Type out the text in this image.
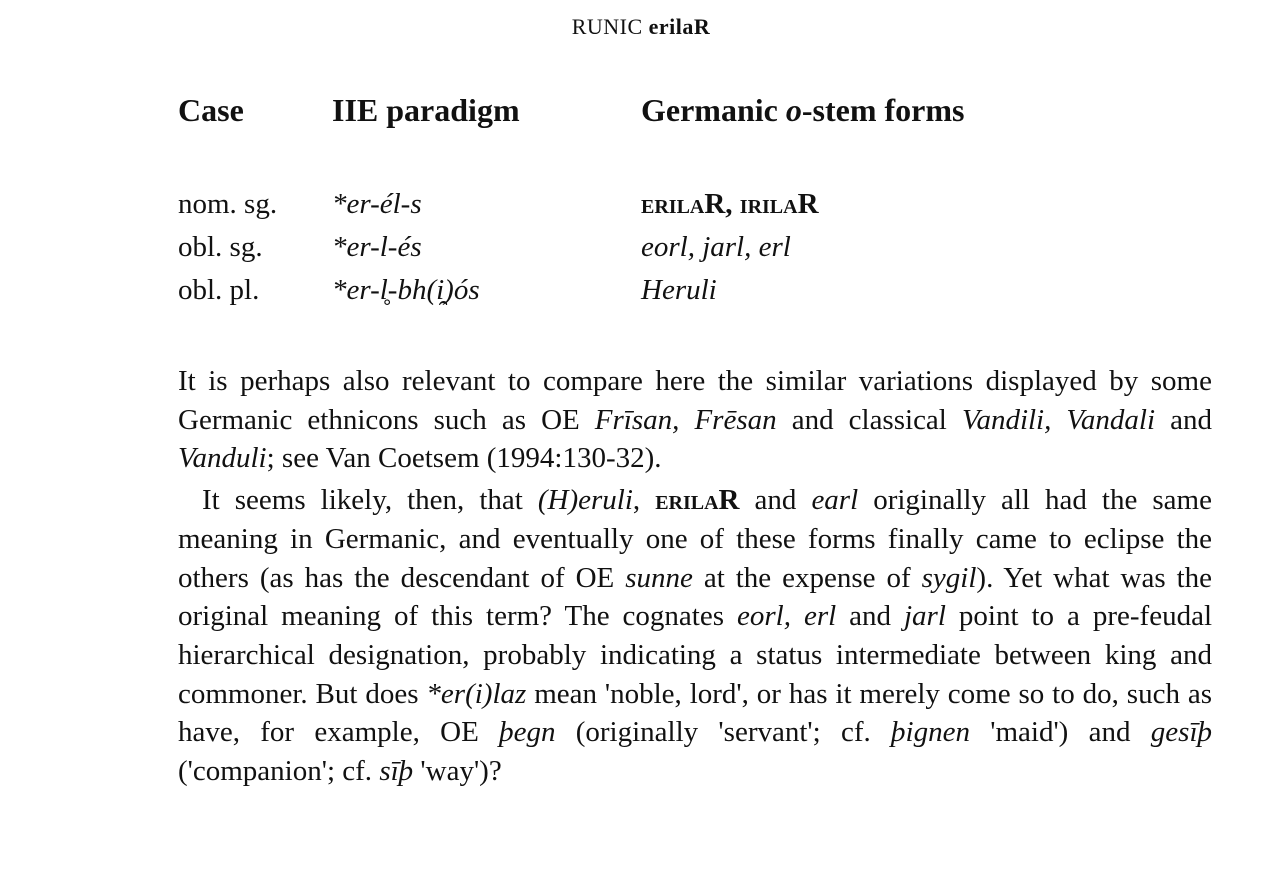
RUNIC erilaR
Case	IIE paradigm	Germanic o-stem forms
nom. sg.	*er-él-s	erilaR, irilaR
obl. sg.	*er-l-és	eorl, jarl, erl
obl. pl.	*er-l̥-bh(i̯)ós	Heruli

It is perhaps also relevant to compare here the similar variations displayed by some Germanic ethnicons such as OE Frīsan, Frēsan and classical Vandili, Vandali and Vanduli; see Van Coetsem (1994:130-32).

It seems likely, then, that (H)eruli, erilaR and earl originally all had the same meaning in Germanic, and eventually one of these forms finally came to eclipse the others (as has the descendant of OE sunne at the expense of sygil). Yet what was the original meaning of this term? The cognates eorl, erl and jarl point to a pre-feudal hierarchical designation, probably indicating a status intermediate between king and commoner. But does *er(i)laz mean 'noble, lord', or has it merely come so to do, such as have, for example, OE þegn (originally 'servant'; cf. þignen 'maid') and gesīþ ('companion'; cf. sīþ 'way')?
